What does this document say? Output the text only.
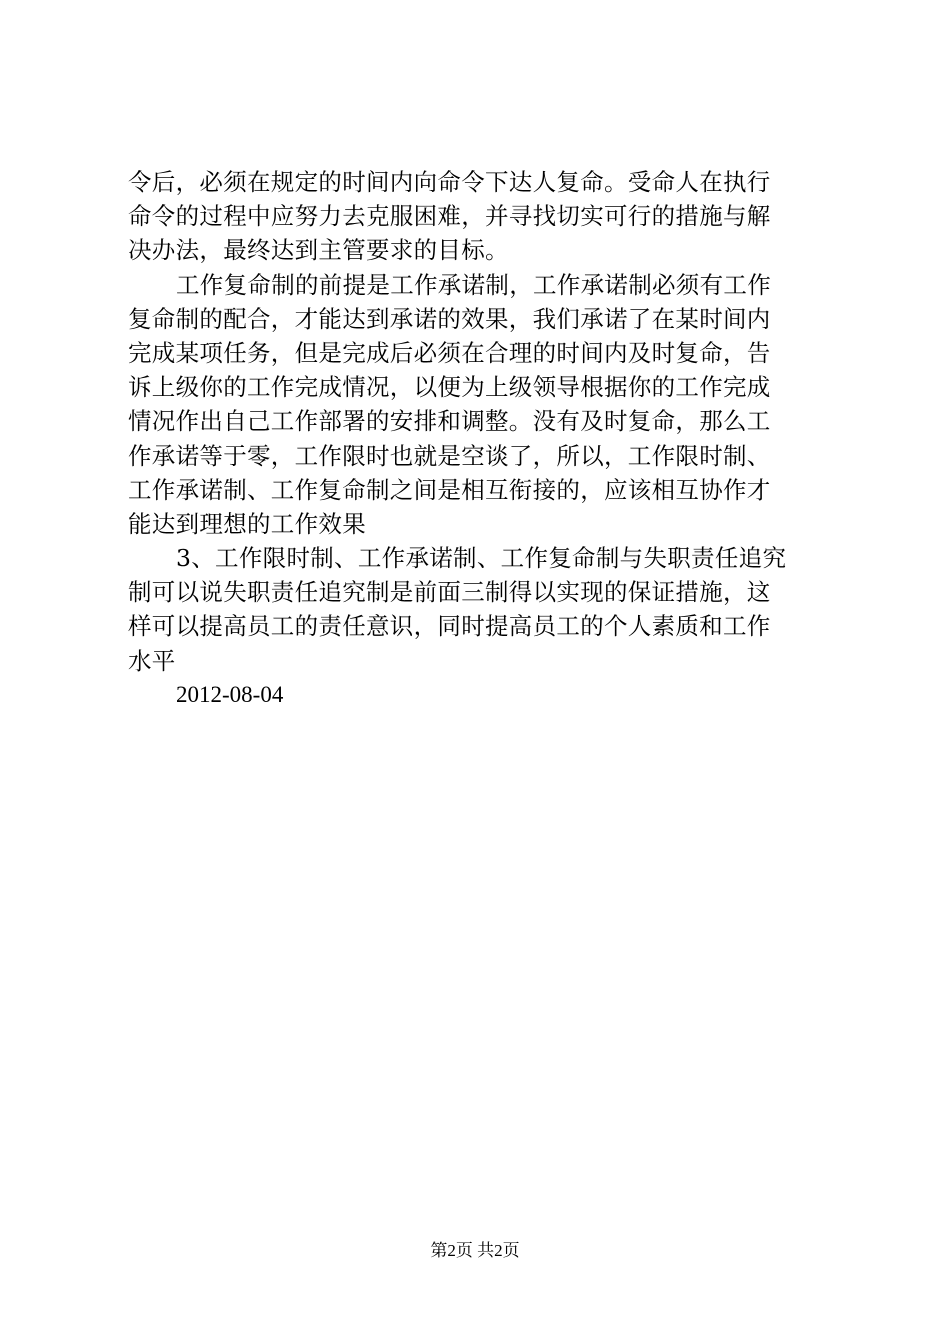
令后，必须在规定的时间内向命令下达人复命。受命人在执行
命令的过程中应努力去克服困难，并寻找切实可行的措施与解
决办法，最终达到主管要求的目标。
工作复命制的前提是工作承诺制，工作承诺制必须有工作
复命制的配合，才能达到承诺的效果，我们承诺了在某时间内
完成某项任务，但是完成后必须在合理的时间内及时复命，告
诉上级你的工作完成情况，以便为上级领导根据你的工作完成
情况作出自己工作部署的安排和调整。没有及时复命，那么工
作承诺等于零，工作限时也就是空谈了，所以，工作限时制、
工作承诺制、工作复命制之间是相互衔接的，应该相互协作才
能达到理想的工作效果
3、工作限时制、工作承诺制、工作复命制与失职责任追究
制可以说失职责任追究制是前面三制得以实现的保证措施，这
样可以提高员工的责任意识，同时提高员工的个人素质和工作
水平
2012-08-04
第2页 共2页
